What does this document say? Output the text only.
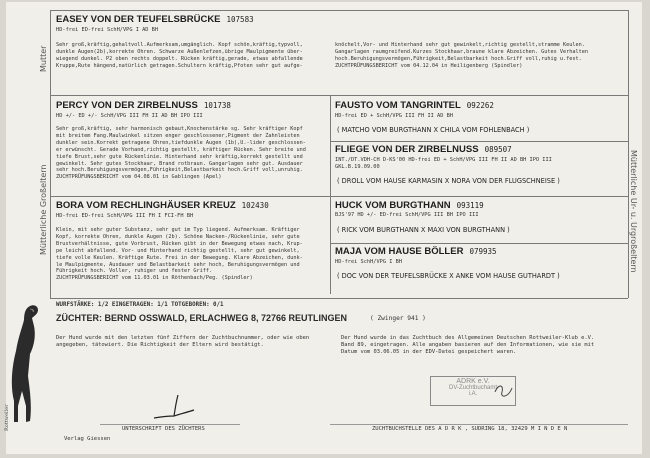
Mutter
Mütterliche Großeltern	Mütterliche Ur- u. Urgroßeltern
EASEY VON DER TEUFELSBRÜCKE 107583
HD-frei ED-frei SchH/VPG I AD BH
Sehr groß,kräftig,gehaltvoll.Aufmerksam,umgänglich. Kopf schön,kräftig,typvoll,
dunkle Augen(2b),korrekte Ohren. Schwarze Außenlefzen,übrige Maulpigmente über-
wiegend dunkel. P2 oben rechts doppelt. Rücken kräftig,gerade, etwas abfallende
Kruppe,Rute hängend,natürlich getragen.Schultern kräftig,Pfoten sehr gut aufge-
knöchelt,Vor- und Hinterhand sehr gut gewinkelt,richtig gestellt,stramme Keulen.
Gangarlagen raumgreifend.Kurzes Stockhaar,braune klare Abzeichen. Gutes Verhalten
hoch.Beruhigungsvermögen,Führigkeit,Belastbarkeit hoch.Griff voll,ruhig u.fest.
ZUCHTPRÜFUNGSBERICHT vom 04.12.04 in Heiligenberg (Spindler)
PERCY VON DER ZIRBELNUSS 101738
HD +/- ED +/- SchH/VPG III FH II AD BH IPO III
Sehr groß,kräftig, sehr harmonisch gebaut,Knochenstärke sg. Sehr kräftiger Kopf
mit breitem Fang.Maulwinkel sitzen enger geschlossener,Pigment der Zahnleisten
dunkler sein.Korrekt getragene Ohren,tiefdunkle Augen (1b),U.-lider geschlossen-
er erwünscht. Gerade Vorhand,richtig gestellt, kräftiger Rücken. Sehr breite und
tiefe Brust,sehr gute Rückenlinie. Hinterhand sehr kräftig,korrekt gestellt und
gewinkelt. Sehr gutes Stockhaar, Brand rotbraun. Gangarlagen sehr gut. Ausdauer
sehr hoch.Beruhigungsvermögen,Führigkeit,Belastbarkeit hoch.Griff voll,unruhig.
ZUCHTPRÜFUNGSBERICHT vom 04.08.01 in Gablingen (Apel)
BORA VOM RECHLINGHÄUSER KREUZ 102430
HD-frei ED-frei SchH/VPG III FH I FCI-FH BH
Klein, mit sehr guter Substanz, sehr gut im Typ liegend. Aufmerksam. Kräftiger
Kopf, korrekte Ohren, dunkle Augen (2b). Schöne Nacken-/Rückenlinie, sehr gute
Brustverhältnisse, gute Vorbrust, Rücken gibt in der Bewegung etwas nach, Krup-
pe leicht abfallend. Vor- und Hinterhand richtig gestellt, sehr gut gewinkelt,
tiefe volle Keulen. Kräftige Rute. Frei in der Bewegung. Klare Abzeichen, dunk-
le Maulpigmente, Ausdauer und Belastbarkeit sehr hoch, Beruhigungsvermögen und
Führigkeit hoch. Voller, ruhiger und fester Griff.
ZUCHTPRÜFUNGSBERICHT vom 11.03.01 in Röthenbach/Peg. (Spindler)
FAUSTO VOM TANGRINTEL 092262
HD-frei ED + SchH/VPG III FH II AD BH
( MATCHO VOM BURGTHANN X CHILA VOM FOHLENBACH )
FLIEGE VON DER ZIRBELNUSS 089507
INT./DT.VDH-CH D-KS'00 HD-frei ED + SchH/VPG III FH II AD BH IPO III
GKL.B.19.09.00
( DROLL VOM HAUSE KARMASIN X NORA VON DER FLUGSCHNEISE )
HUCK VOM BURGTHANN 093119
BJS'97 HD +/- ED-frei SchH/VPG III BH IPO III
( RICK VOM BURGTHANN X MAXI VON BURGTHANN )
MAJA VOM HAUSE BÖLLER 079935
HD-frei SchH/VPG I BH
( DOC VON DER TEUFELSBRÜCKE X ANKE VOM HAUSE GUTHARDT )
WURFSTÄRKE: 1/2 EINGETRAGEN: 1/1 TOTGEBOREN: 0/1
ZÜCHTER: BERND OSSWALD, ERLACHWEG 8, 72766 REUTLINGEN	( Zwinger 941 )
Der Hund wurde mit den letzten fünf Ziffern der Zuchtbuchnummer, oder wie oben
angegeben, tätowiert. Die Richtigkeit der Eltern wird bestätigt.
Der Hund wurde in das Zuchtbuch des Allgemeinen Deutschen Rottweiler-Klub e.V.
Band 89, eingetragen. Alle angaben basieren auf den Informationen, wie sie mit
Datum vom 03.06.05 in der EDV-Datei gespeichert waren.
ADRK e.V.
DV-Zuchtbuchamt
i.A.
UNTERSCHRIFT DES ZÜCHTERS	ZUCHTBUCHSTELLE DES A D R K , SUDRING 18, 32429 M I N D E N
Verlag Giessen
Rottweiler
